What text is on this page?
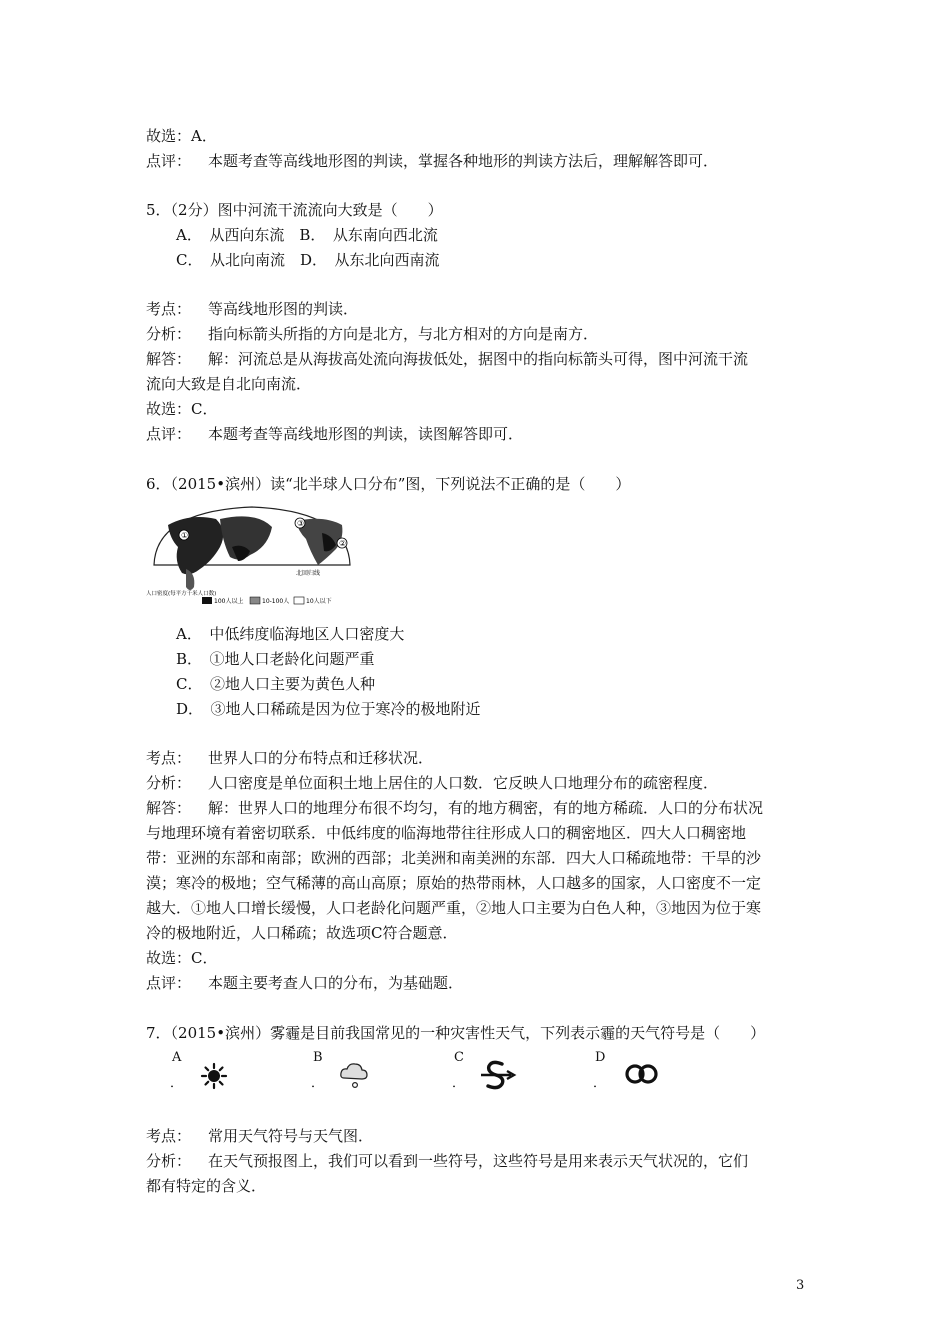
故选：A．
点评： 本题考查等高线地形图的判读，掌握各种地形的判读方法后，理解解答即可．
5．（2分）图中河流干流流向大致是（　　）
A．　从西向东流　B．　从东南向西北流
C．　从北向南流　D．　从东北向西南流
考点： 等高线地形图的判读．
分析： 指向标箭头所指的方向是北方，与北方相对的方向是南方．
解答： 解：河流总是从海拔高处流向海拔低处，据图中的指向标箭头可得，图中河流干流
流向大致是自北向南流．
故选：C．
点评： 本题考查等高线地形图的判读，读图解答即可．
6．（2015•滨州）读“北半球人口分布”图，下列说法不正确的是（　　）
①
②
③
北回归线
人口密度(每平方千米人口数)
100人以上	10-100人	10人以下
A．　中低纬度临海地区人口密度大
B．　①地人口老龄化问题严重
C．　②地人口主要为黄色人种
D．　③地人口稀疏是因为位于寒冷的极地附近
考点： 世界人口的分布特点和迁移状况．
分析： 人口密度是单位面积土地上居住的人口数．它反映人口地理分布的疏密程度．
解答： 解：世界人口的地理分布很不均匀，有的地方稠密，有的地方稀疏．人口的分布状况
与地理环境有着密切联系．中低纬度的临海地带往往形成人口的稠密地区．四大人口稠密地
带：亚洲的东部和南部；欧洲的西部；北美洲和南美洲的东部．四大人口稀疏地带：干旱的沙
漠；寒冷的极地；空气稀薄的高山高原；原始的热带雨林，人口越多的国家，人口密度不一定
越大．①地人口增长缓慢，人口老龄化问题严重，②地人口主要为白色人种，③地因为位于寒
冷的极地附近，人口稀疏；故选项C符合题意．
故选：C．
点评： 本题主要考查人口的分布，为基础题．
7．（2015•滨州）雾霾是目前我国常见的一种灾害性天气，下列表示霾的天气符号是（　　）
A
．
B
．
C
．
D
．
考点： 常用天气符号与天气图．
分析： 在天气预报图上，我们可以看到一些符号，这些符号是用来表示天气状况的，它们
都有特定的含义．
3
